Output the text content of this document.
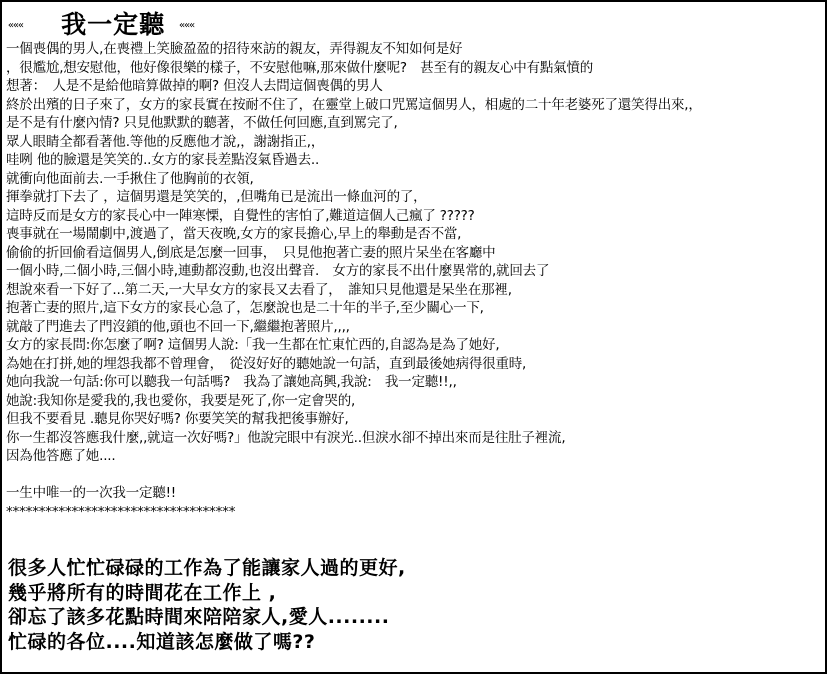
««« 我一定聽 «««
一個喪偶的男人,在喪禮上笑臉盈盈的招待來訪的親友，弄得親友不知如何是好
，很尷尬,想安慰他，他好像很樂的樣子，不安慰他嘛,那來做什麼呢?　甚至有的親友心中有點氣憤的
想著：　人是不是給他暗算做掉的啊? 但沒人去問這個喪偶的男人
終於出殯的日子來了，女方的家長實在按耐不住了，在靈堂上破口咒罵這個男人，相處的二十年老婆死了還笑得出來,，
是不是有什麼內情? 只見他默默的聽著，不做任何回應,直到罵完了,
眾人眼睛全都看著他.等他的反應他才說,，謝謝指正,，
哇咧 他的臉還是笑笑的..女方的家長差點沒氣昏過去..
就衝向他面前去.一手揪住了他胸前的衣領,
揮拳就打下去了 ，這個男還是笑笑的，,但嘴角已是流出一條血河的了，
這時反而是女方的家長心中一陣寒慄，自覺性的害怕了,難道這個人己瘋了 ?????
喪事就在一場鬧劇中,渡過了，當天夜晚,女方的家長擔心,早上的舉動是否不當,
偷偷的折回偷看這個男人,倒底是怎麼一回事，　只見他抱著亡妻的照片呆坐在客廳中
一個小時,二個小時,三個小時,連動都沒動,也沒出聲音.　女方的家長不出什麼異常的,就回去了
想說來看一下好了...第二天,一大早女方的家長又去看了，　誰知只見他還是呆坐在那裡,
抱著亡妻的照片,這下女方的家長心急了，怎麼說也是二十年的半子,至少關心一下,
就敲了門進去了門沒鎖的他,頭也不回一下,繼繼抱著照片,,,,
女方的家長問:你怎麼了啊? 這個男人說:「我一生都在忙東忙西的,自認為是為了她好,
為她在打拼,她的埋怨我都不曾理會，　從沒好好的聽她說一句話，直到最後她病得很重時,
她向我說一句話:你可以聽我一句話嗎?　我為了讓她高興,我說:　我一定聽!!,,
她說:我知你是愛我的,我也愛你，我要是死了,你一定會哭的,
但我不要看見 .聽見你哭好嗎? 你要笑笑的幫我把後事辦好,
你一生都沒答應我什麼,,就這一次好嗎?」他說完眼中有淚光..但淚水卻不掉出來而是往肚子裡流,
因為他答應了她....
一生中唯一的一次我一定聽!!
***********************************
很多人忙忙碌碌的工作為了能讓家人過的更好,
幾乎將所有的時間花在工作上 ,
卻忘了該多花點時間來陪陪家人,愛人........
忙碌的各位....知道該怎麼做了嗎??
